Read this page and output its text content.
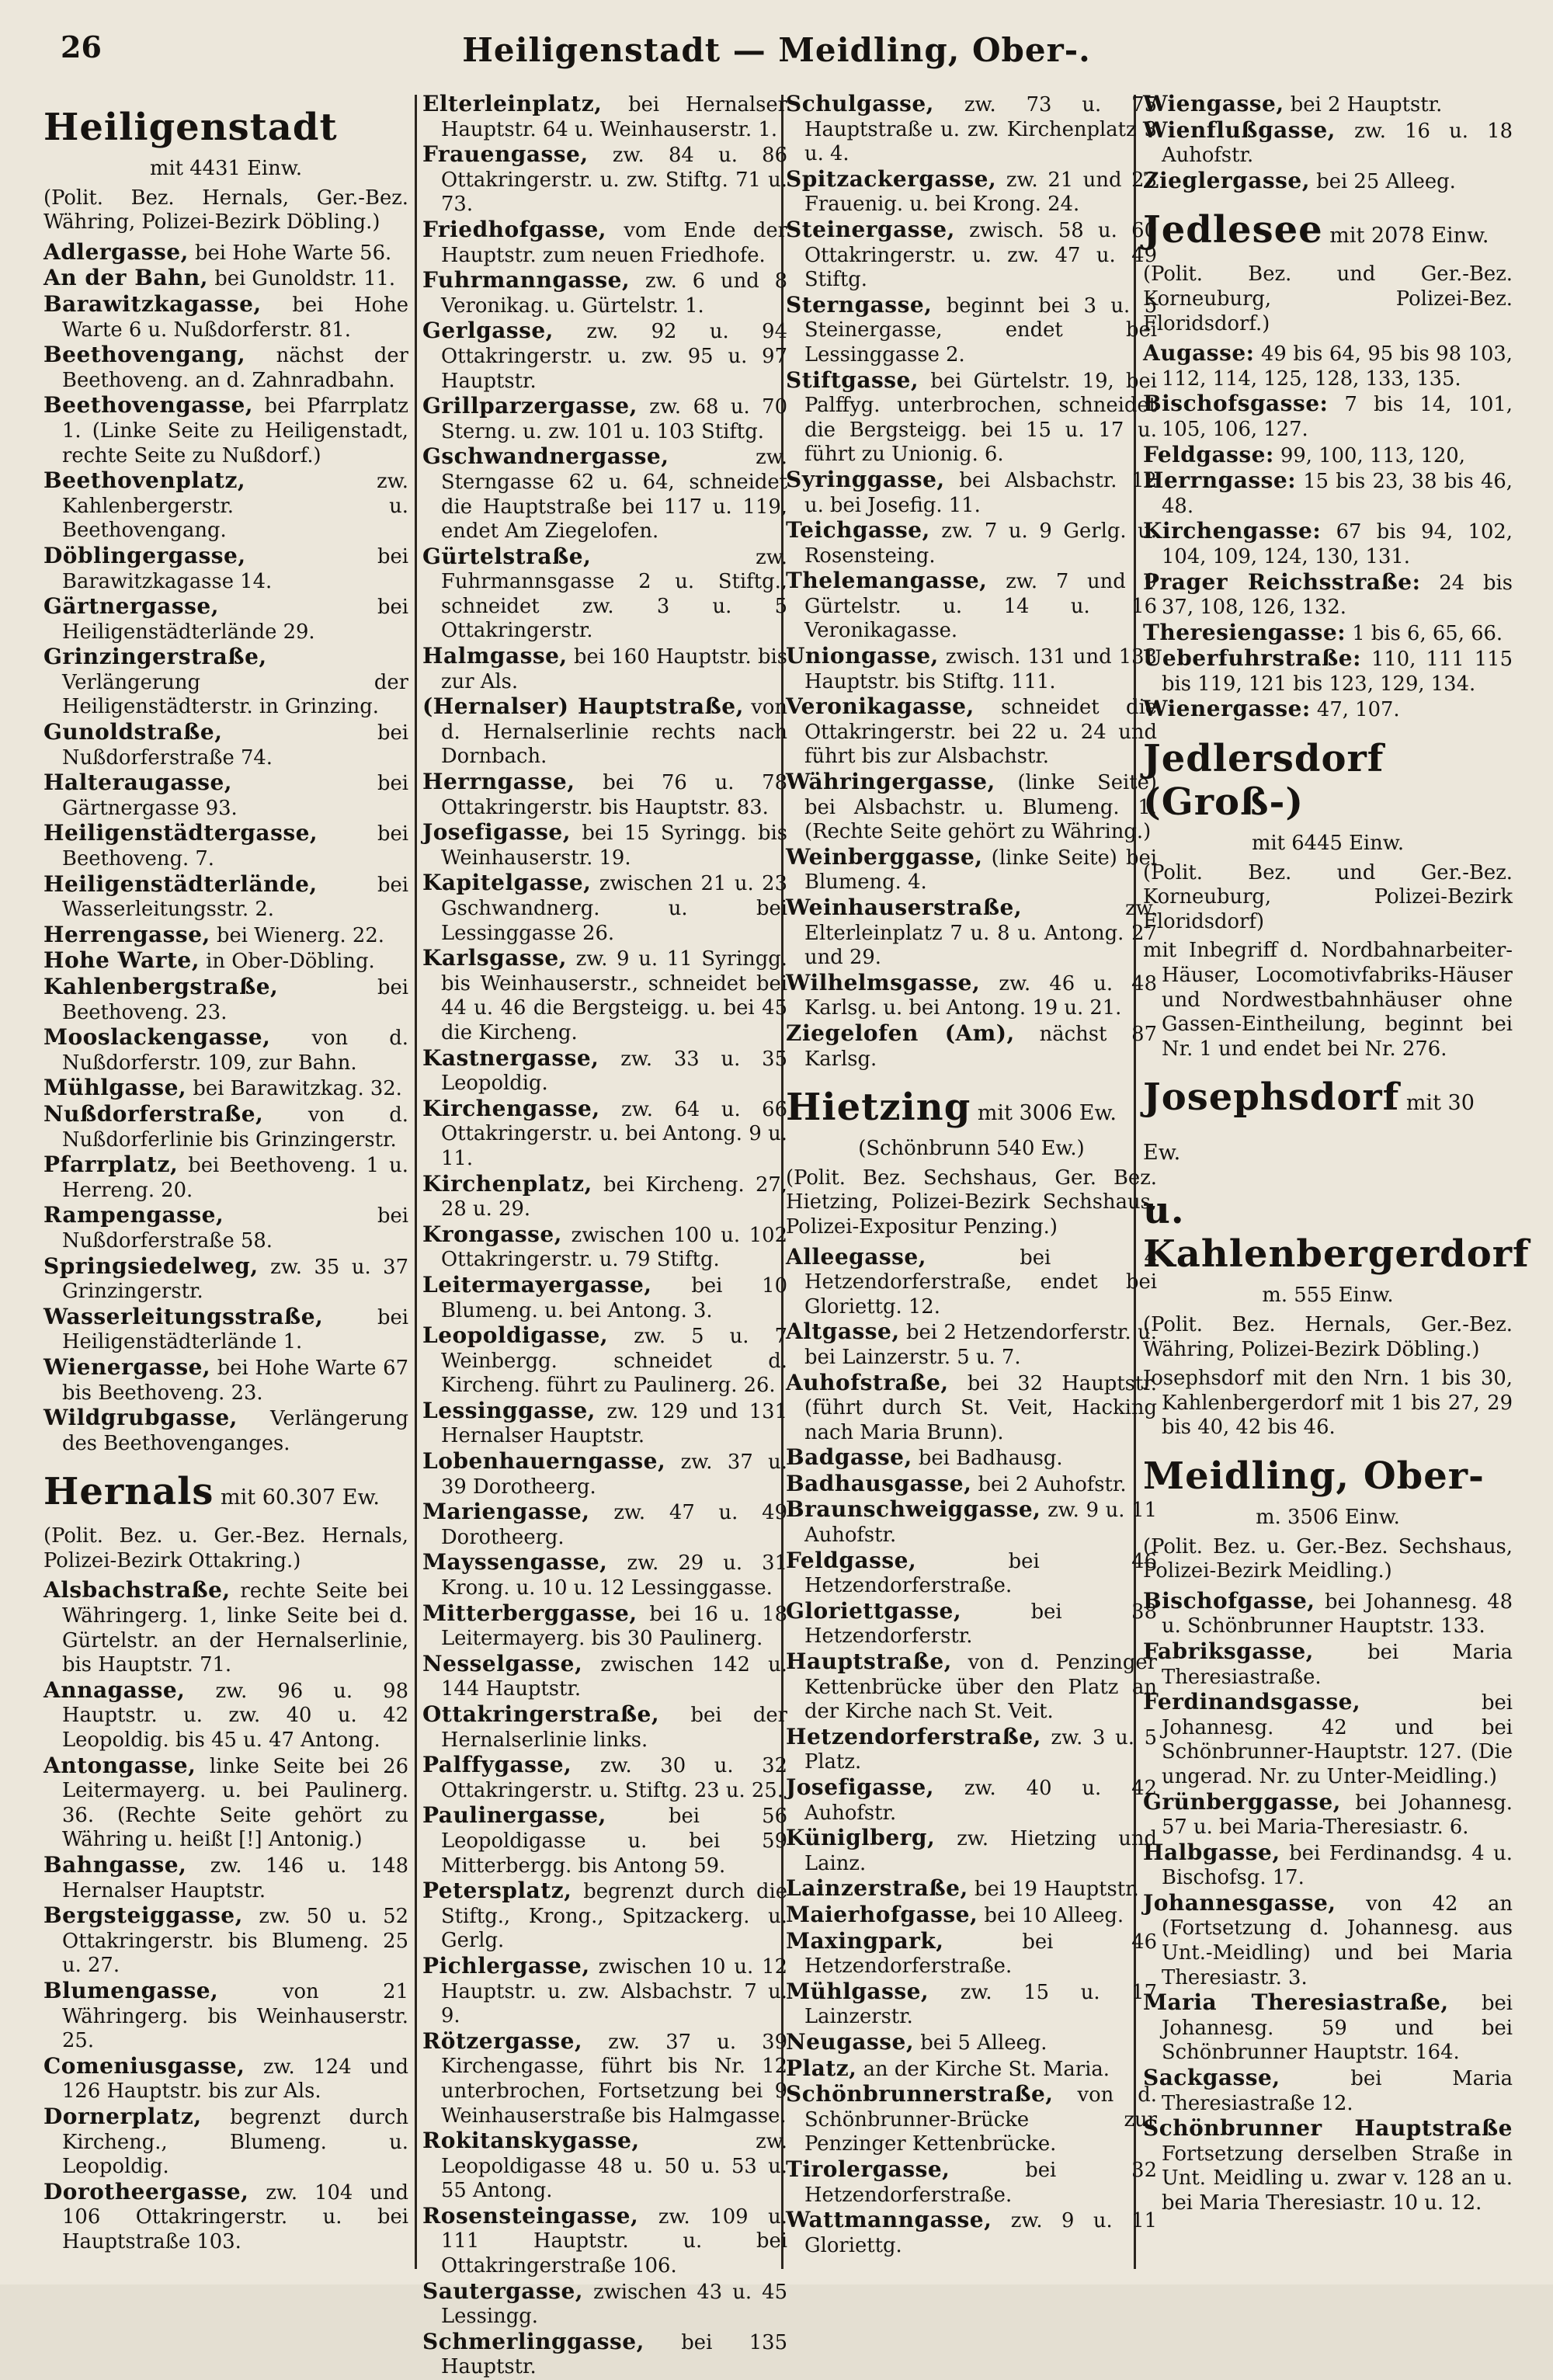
26	Heiligenstadt — Meidling, Ober-.
Heiligenstadt
mit 4431 Einw.

(Polit. Bez. Hernals, Ger.-Bez. Währing, Polizei-Bezirk Döbling.)

Adlergasse, bei Hohe Warte 56.

An der Bahn, bei Gunoldstr. 11.

Barawitzkagasse, bei Hohe Warte 6 u. Nußdorferstr. 81.

Beethovengang, nächst der Beethoveng. an d. Zahnradbahn.

Beethovengasse, bei Pfarrplatz 1. (Linke Seite zu Heiligenstadt, rechte Seite zu Nußdorf.)

Beethovenplatz, zw. Kahlenbergerstr. u. Beethovengang.

Döblingergasse, bei Barawitzkagasse 14.

Gärtnergasse, bei Heiligenstädterlände 29.

Grinzingerstraße, Verlängerung der Heiligenstädterstr. in Grinzing.

Gunoldstraße, bei Nußdorferstraße 74.

Halteraugasse, bei Gärtnergasse 93.

Heiligenstädtergasse, bei Beethoveng. 7.

Heiligenstädterlände, bei Wasserleitungsstr. 2.

Herrengasse, bei Wienerg. 22.

Hohe Warte, in Ober-Döbling.

Kahlenbergstraße, bei Beethoveng. 23.

Mooslackengasse, von d. Nußdorferstr. 109, zur Bahn.

Mühlgasse, bei Barawitzkag. 32.

Nußdorferstraße, von d. Nußdorferlinie bis Grinzingerstr.

Pfarrplatz, bei Beethoveng. 1 u. Herreng. 20.

Rampengasse, bei Nußdorferstraße 58.

Springsiedelweg, zw. 35 u. 37 Grinzingerstr.

Wasserleitungsstraße, bei Heiligenstädterlände 1.

Wienergasse, bei Hohe Warte 67 bis Beethoveng. 23.

Wildgrubgasse, Verlängerung des Beethovenganges.

Hernals mit 60.307 Ew.

(Polit. Bez. u. Ger.-Bez. Hernals, Polizei-Bezirk Ottakring.)

Alsbachstraße, rechte Seite bei Währingerg. 1, linke Seite bei d. Gürtelstr. an der Hernalserlinie, bis Hauptstr. 71.

Annagasse, zw. 96 u. 98 Hauptstr. u. zw. 40 u. 42 Leopoldig. bis 45 u. 47 Antong.

Antongasse, linke Seite bei 26 Leitermayerg. u. bei Paulinerg. 36. (Rechte Seite gehört zu Währing u. heißt [!] Antonig.)

Bahngasse, zw. 146 u. 148 Hernalser Hauptstr.

Bergsteiggasse, zw. 50 u. 52 Ottakringerstr. bis Blumeng. 25 u. 27.

Blumengasse, von 21 Währingerg. bis Weinhauserstr. 25.

Comeniusgasse, zw. 124 und 126 Hauptstr. bis zur Als.

Dornerplatz, begrenzt durch Kircheng., Blumeng. u. Leopoldig.

Dorotheergasse, zw. 104 und 106 Ottakringerstr. u. bei Hauptstraße 103.

Elterleinplatz, bei Hernalser Hauptstr. 64 u. Weinhauserstr. 1.

Frauengasse, zw. 84 u. 86 Ottakringerstr. u. zw. Stiftg. 71 u. 73.

Friedhofgasse, vom Ende der Hauptstr. zum neuen Friedhofe.

Fuhrmanngasse, zw. 6 und 8 Veronikag. u. Gürtelstr. 1.

Gerlgasse, zw. 92 u. 94 Ottakringerstr. u. zw. 95 u. 97 Hauptstr.

Grillparzergasse, zw. 68 u. 70 Sterng. u. zw. 101 u. 103 Stiftg.

Gschwandnergasse, zw. Sterngasse 62 u. 64, schneidet die Hauptstraße bei 117 u. 119, endet Am Ziegelofen.

Gürtelstraße, zw. Fuhrmannsgasse 2 u. Stiftg., schneidet zw. 3 u. 5 Ottakringerstr.

Halmgasse, bei 160 Hauptstr. bis zur Als.

(Hernalser) Hauptstraße, von d. Hernalserlinie rechts nach Dornbach.

Herrngasse, bei 76 u. 78 Ottakringerstr. bis Hauptstr. 83.

Josefigasse, bei 15 Syringg. bis Weinhauserstr. 19.

Kapitelgasse, zwischen 21 u. 23 Gschwandnerg. u. bei Lessinggasse 26.

Karlsgasse, zw. 9 u. 11 Syringg. bis Weinhauserstr., schneidet bei 44 u. 46 die Bergsteigg. u. bei 45 die Kircheng.

Kastnergasse, zw. 33 u. 35 Leopoldig.

Kirchengasse, zw. 64 u. 66 Ottakringerstr. u. bei Antong. 9 u. 11.

Kirchenplatz, bei Kircheng. 27, 28 u. 29.

Krongasse, zwischen 100 u. 102 Ottakringerstr. u. 79 Stiftg.

Leitermayergasse, bei 10 Blumeng. u. bei Antong. 3.

Leopoldigasse, zw. 5 u. 7 Weinbergg. schneidet d. Kircheng. führt zu Paulinerg. 26.

Lessinggasse, zw. 129 und 131 Hernalser Hauptstr.

Lobenhauerngasse, zw. 37 u. 39 Dorotheerg.

Mariengasse, zw. 47 u. 49 Dorotheerg.

Mayssengasse, zw. 29 u. 31 Krong. u. 10 u. 12 Lessinggasse.

Mitterberggasse, bei 16 u. 18 Leitermayerg. bis 30 Paulinerg.

Nesselgasse, zwischen 142 u. 144 Hauptstr.

Ottakringerstraße, bei der Hernalserlinie links.

Palffygasse, zw. 30 u. 32 Ottakringerstr. u. Stiftg. 23 u. 25.

Paulinergasse, bei 56 Leopoldigasse u. bei 59 Mitterbergg. bis Antong 59.

Petersplatz, begrenzt durch die Stiftg., Krong., Spitzackerg. u. Gerlg.

Pichlergasse, zwischen 10 u. 12 Hauptstr. u. zw. Alsbachstr. 7 u. 9.

Rötzergasse, zw. 37 u. 39 Kirchengasse, führt bis Nr. 12 unterbrochen, Fortsetzung bei 9 Weinhauserstraße bis Halmgasse.

Rokitanskygasse, zw. Leopoldigasse 48 u. 50 u. 53 u. 55 Antong.

Rosensteingasse, zw. 109 u. 111 Hauptstr. u. bei Ottakringerstraße 106.

Sautergasse, zwischen 43 u. 45 Lessingg.

Schmerlinggasse, bei 135 Hauptstr.

Schulgasse, zw. 73 u. 75 Hauptstraße u. zw. Kirchenplatz 3 u. 4.

Spitzackergasse, zw. 21 und 23 Frauenig. u. bei Krong. 24.

Steinergasse, zwisch. 58 u. 60 Ottakringerstr. u. zw. 47 u. 49 Stiftg.

Sterngasse, beginnt bei 3 u. 5 Steinergasse, endet bei Lessinggasse 2.

Stiftgasse, bei Gürtelstr. 19, bei Palffyg. unterbrochen, schneidet die Bergsteigg. bei 15 u. 17 u. führt zu Unionig. 6.

Syringgasse, bei Alsbachstr. 12 u. bei Josefig. 11.

Teichgasse, zw. 7 u. 9 Gerlg. u. Rosensteing.

Thelemangasse, zw. 7 und 9 Gürtelstr. u. 14 u. 16 Veronikagasse.

Uniongasse, zwisch. 131 und 133 Hauptstr. bis Stiftg. 111.

Veronikagasse, schneidet die Ottakringerstr. bei 22 u. 24 und führt bis zur Alsbachstr.

Währingergasse, (linke Seite) bei Alsbachstr. u. Blumeng. 1. (Rechte Seite gehört zu Währing.)

Weinberggasse, (linke Seite) bei Blumeng. 4.

Weinhauserstraße, zw. Elterleinplatz 7 u. 8 u. Antong. 27 und 29.

Wilhelmsgasse, zw. 46 u. 48 Karlsg. u. bei Antong. 19 u. 21.

Ziegelofen (Am), nächst 87 Karlsg.

Hietzing mit 3006 Ew.
(Schönbrunn 540 Ew.)

(Polit. Bez. Sechshaus, Ger. Bez. Hietzing, Polizei-Bezirk Sechshaus, Polizei-Expositur Penzing.)

Alleegasse, bei 4 Hetzendorferstraße, endet bei Gloriettg. 12.

Altgasse, bei 2 Hetzendorferstr. u. bei Lainzerstr. 5 u. 7.

Auhofstraße, bei 32 Hauptstr. (führt durch St. Veit, Hacking nach Maria Brunn).

Badgasse, bei Badhausg.

Badhausgasse, bei 2 Auhofstr.

Braunschweiggasse, zw. 9 u. 11 Auhofstr.

Feldgasse, bei 46 Hetzendorferstraße.

Gloriettgasse, bei 38 Hetzendorferstr.

Hauptstraße, von d. Penzinger Kettenbrücke über den Platz an der Kirche nach St. Veit.

Hetzendorferstraße, zw. 3 u. 5 Platz.

Josefigasse, zw. 40 u. 42 Auhofstr.

Küniglberg, zw. Hietzing und Lainz.

Lainzerstraße, bei 19 Hauptstr.

Maierhofgasse, bei 10 Alleeg.

Maxingpark, bei 46 Hetzendorferstraße.

Mühlgasse, zw. 15 u. 17 Lainzerstr.

Neugasse, bei 5 Alleeg.

Platz, an der Kirche St. Maria.

Schönbrunnerstraße, von d. Schönbrunner-Brücke zur Penzinger Kettenbrücke.

Tirolergasse, bei 32 Hetzendorferstraße.

Wattmanngasse, zw. 9 u. 11 Gloriettg.

Wiengasse, bei 2 Hauptstr.

Wienflußgasse, zw. 16 u. 18 Auhofstr.

Zieglergasse, bei 25 Alleeg.

Jedlesee mit 2078 Einw.

(Polit. Bez. und Ger.-Bez. Korneuburg, Polizei-Bez. Floridsdorf.)

Augasse: 49 bis 64, 95 bis 98 103, 112, 114, 125, 128, 133, 135.

Bischofsgasse: 7 bis 14, 101, 105, 106, 127.

Feldgasse: 99, 100, 113, 120,

Herrngasse: 15 bis 23, 38 bis 46, 48.

Kirchengasse: 67 bis 94, 102, 104, 109, 124, 130, 131.

Prager Reichsstraße: 24 bis 37, 108, 126, 132.

Theresiengasse: 1 bis 6, 65, 66.

Ueberfuhrstraße: 110, 111 115 bis 119, 121 bis 123, 129, 134.

Wienergasse: 47, 107.

Jedlersdorf (Groß-)
mit 6445 Einw.

(Polit. Bez. und Ger.-Bez. Korneuburg, Polizei-Bezirk Floridsdorf)

mit Inbegriff d. Nordbahnarbeiter-Häuser, Locomotivfabriks-Häuser und Nordwestbahnhäuser ohne Gassen-Eintheilung, beginnt bei Nr. 1 und endet bei Nr. 276.

Josephsdorf mit 30 Ew.
u. Kahlenbergerdorf
m. 555 Einw.

(Polit. Bez. Hernals, Ger.-Bez. Währing, Polizei-Bezirk Döbling.)

Josephsdorf mit den Nrn. 1 bis 30, Kahlenbergerdorf mit 1 bis 27, 29 bis 40, 42 bis 46.

Meidling, Ober-
m. 3506 Einw.

(Polit. Bez. u. Ger.-Bez. Sechshaus, Polizei-Bezirk Meidling.)

Bischofgasse, bei Johannesg. 48 u. Schönbrunner Hauptstr. 133.

Fabriksgasse, bei Maria Theresiastraße.

Ferdinandsgasse, bei Johannesg. 42 und bei Schönbrunner-Hauptstr. 127. (Die ungerad. Nr. zu Unter-Meidling.)

Grünberggasse, bei Johannesg. 57 u. bei Maria-Theresiastr. 6.

Halbgasse, bei Ferdinandsg. 4 u. Bischofsg. 17.

Johannesgasse, von 42 an (Fortsetzung d. Johannesg. aus Unt.-Meidling) und bei Maria Theresiastr. 3.

Maria Theresiastraße, bei Johannesg. 59 und bei Schönbrunner Hauptstr. 164.

Sackgasse, bei Maria Theresiastraße 12.

Schönbrunner Hauptstraße Fortsetzung derselben Straße in Unt. Meidling u. zwar v. 128 an u. bei Maria Theresiastr. 10 u. 12.
